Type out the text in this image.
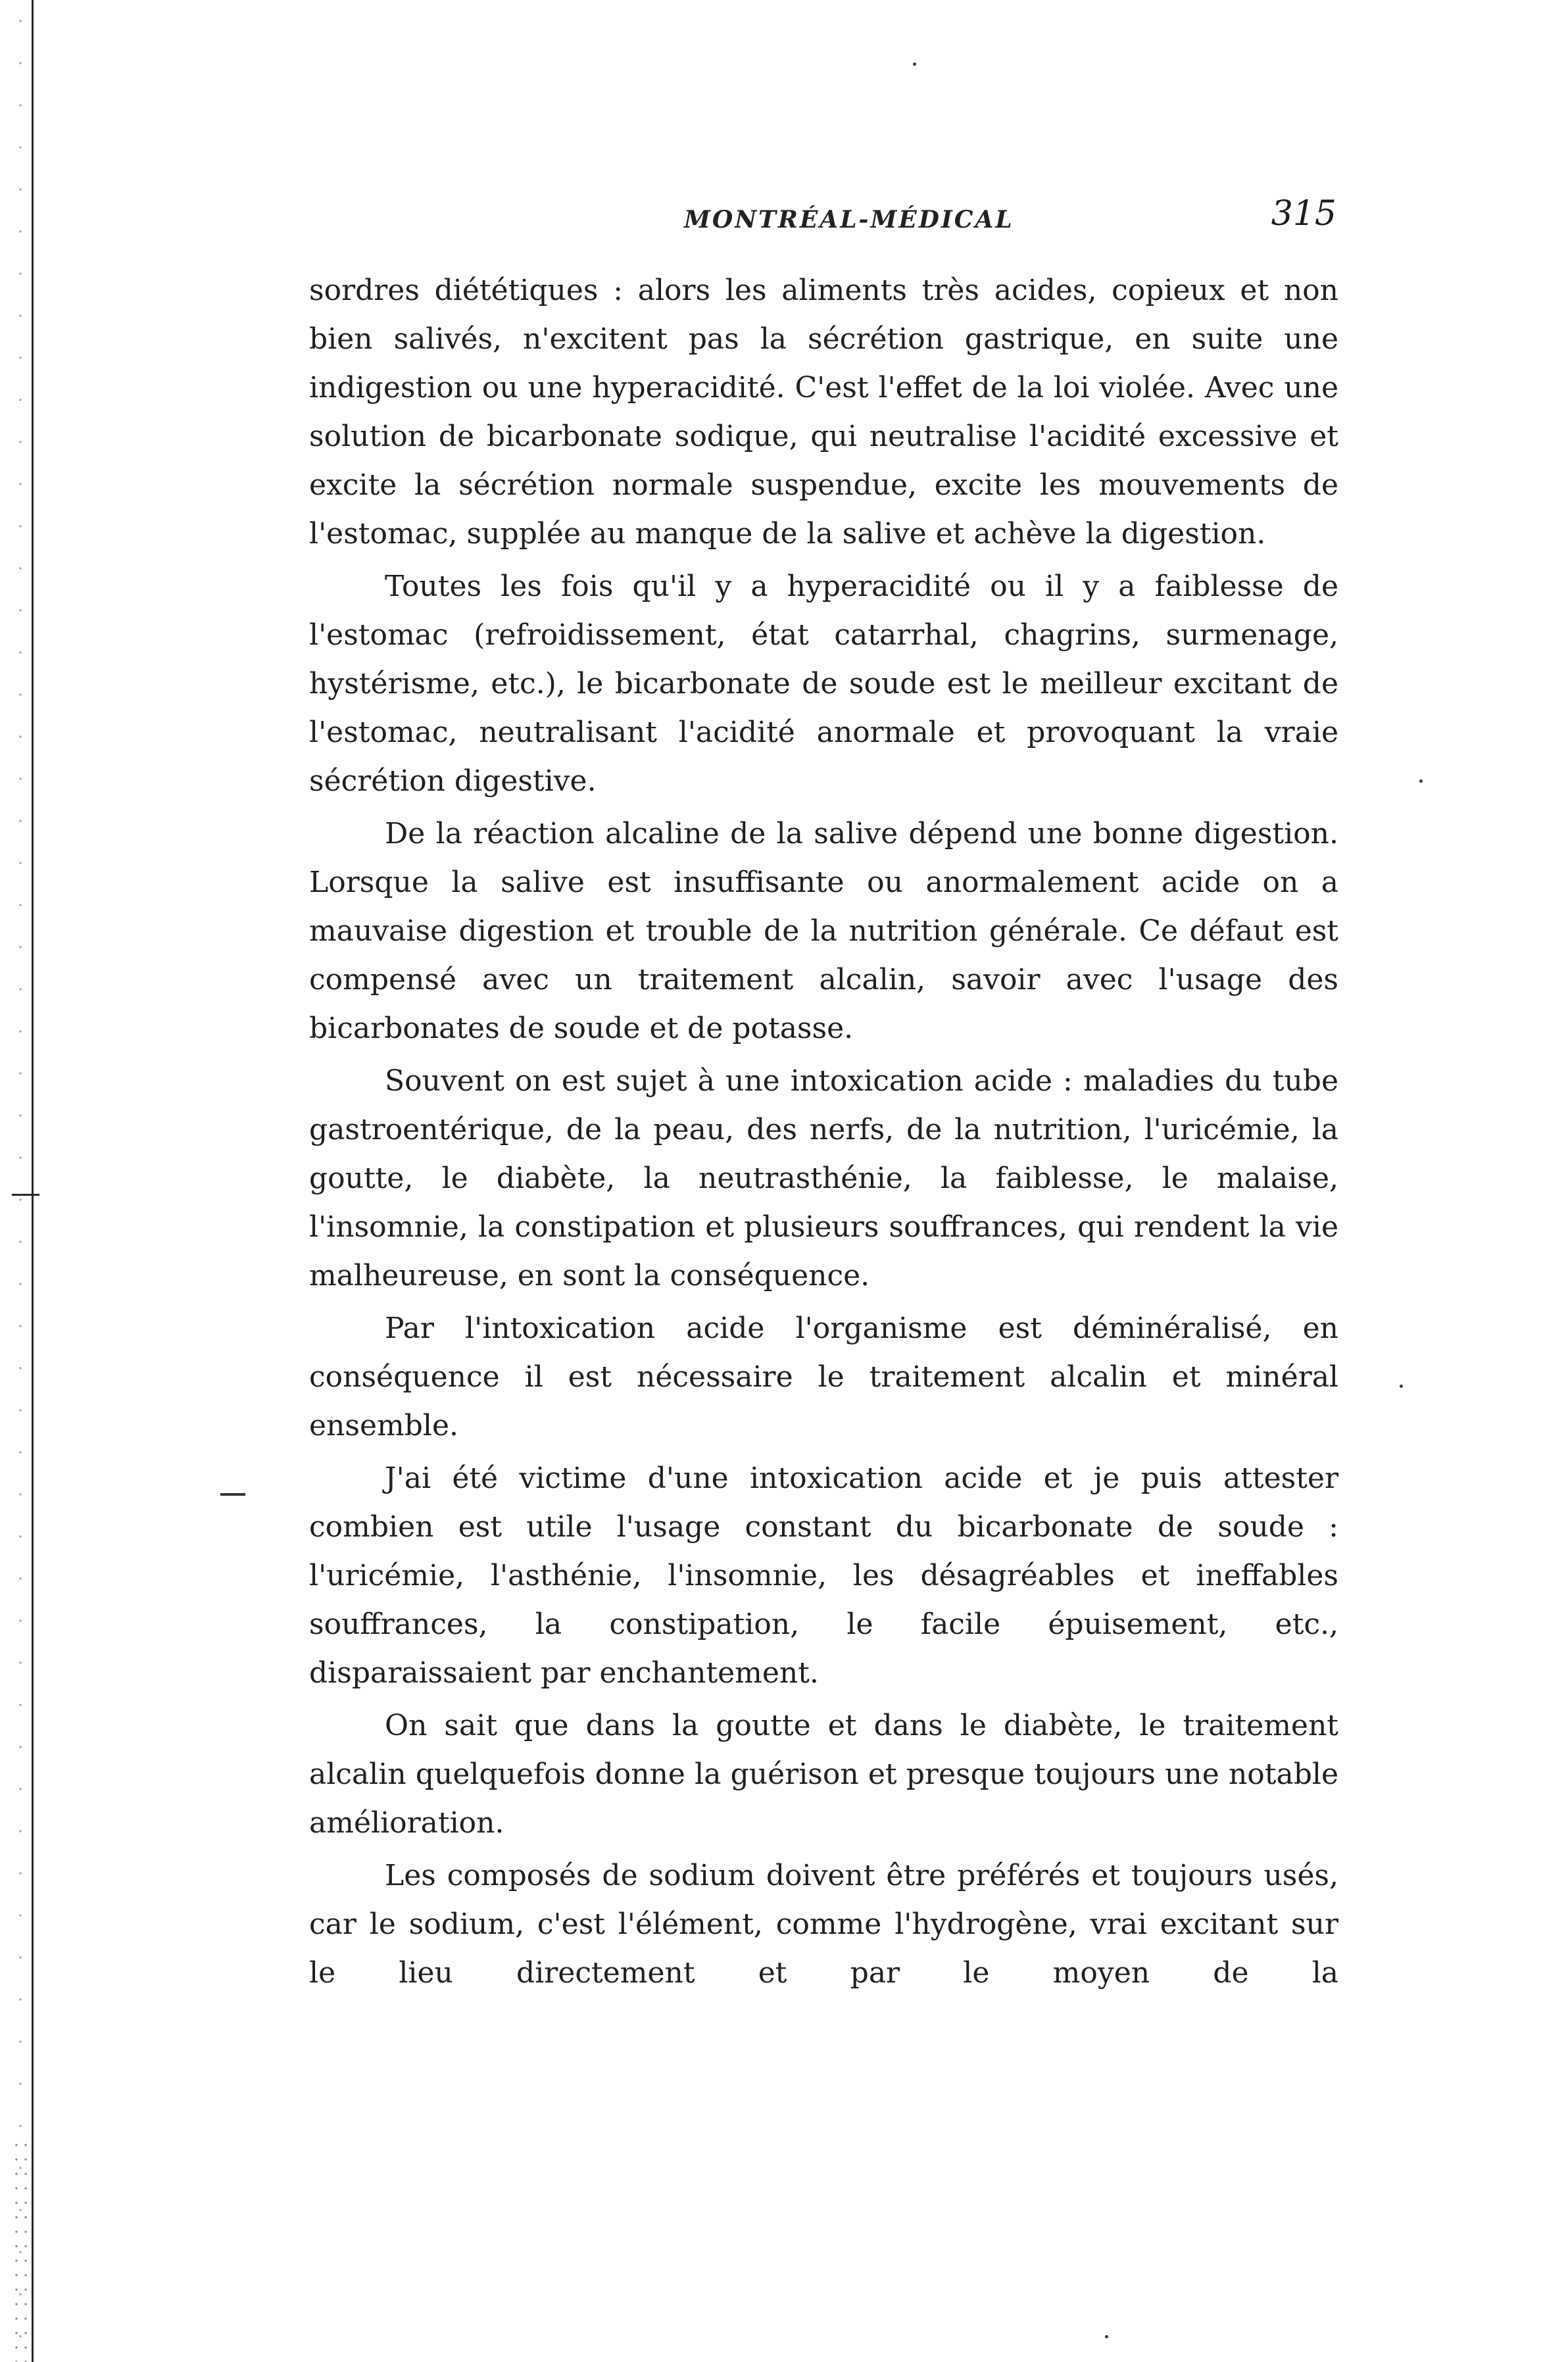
MONTRÉAL-MÉDICAL	315

sordres diététiques : alors les aliments très acides, copieux et non bien salivés, n'excitent pas la sécrétion gastrique, en suite une indigestion ou une hyperacidité. C'est l'effet de la loi violée. Avec une solution de bicarbonate sodique, qui neutralise l'acidité excessive et excite la sécrétion normale suspendue, excite les mouvements de l'estomac, supplée au manque de la salive et achève la digestion.

Toutes les fois qu'il y a hyperacidité ou il y a faiblesse de l'estomac (refroidissement, état catarrhal, chagrins, surmenage, hystérisme, etc.), le bicarbonate de soude est le meilleur excitant de l'estomac, neutralisant l'acidité anormale et provoquant la vraie sécrétion digestive.

De la réaction alcaline de la salive dépend une bonne digestion. Lorsque la salive est insuffisante ou anormalement acide on a mauvaise digestion et trouble de la nutrition générale. Ce défaut est compensé avec un traitement alcalin, savoir avec l'usage des bicarbonates de soude et de potasse.

Souvent on est sujet à une intoxication acide : maladies du tube gastroentérique, de la peau, des nerfs, de la nutrition, l'uricémie, la goutte, le diabète, la neutrasthénie, la faiblesse, le malaise, l'insomnie, la constipation et plusieurs souffrances, qui rendent la vie malheureuse, en sont la conséquence.

Par l'intoxication acide l'organisme est déminéralisé, en conséquence il est nécessaire le traitement alcalin et minéral ensemble.

J'ai été victime d'une intoxication acide et je puis attester combien est utile l'usage constant du bicarbonate de soude : l'uricémie, l'asthénie, l'insomnie, les désagréables et ineffables souffrances, la constipation, le facile épuisement, etc., disparaissaient par enchantement.

On sait que dans la goutte et dans le diabète, le traitement alcalin quelquefois donne la guérison et presque toujours une notable amélioration.

Les composés de sodium doivent être préférés et toujours usés, car le sodium, c'est l'élément, comme l'hydrogène, vrai excitant sur le lieu directement et par le moyen de la
